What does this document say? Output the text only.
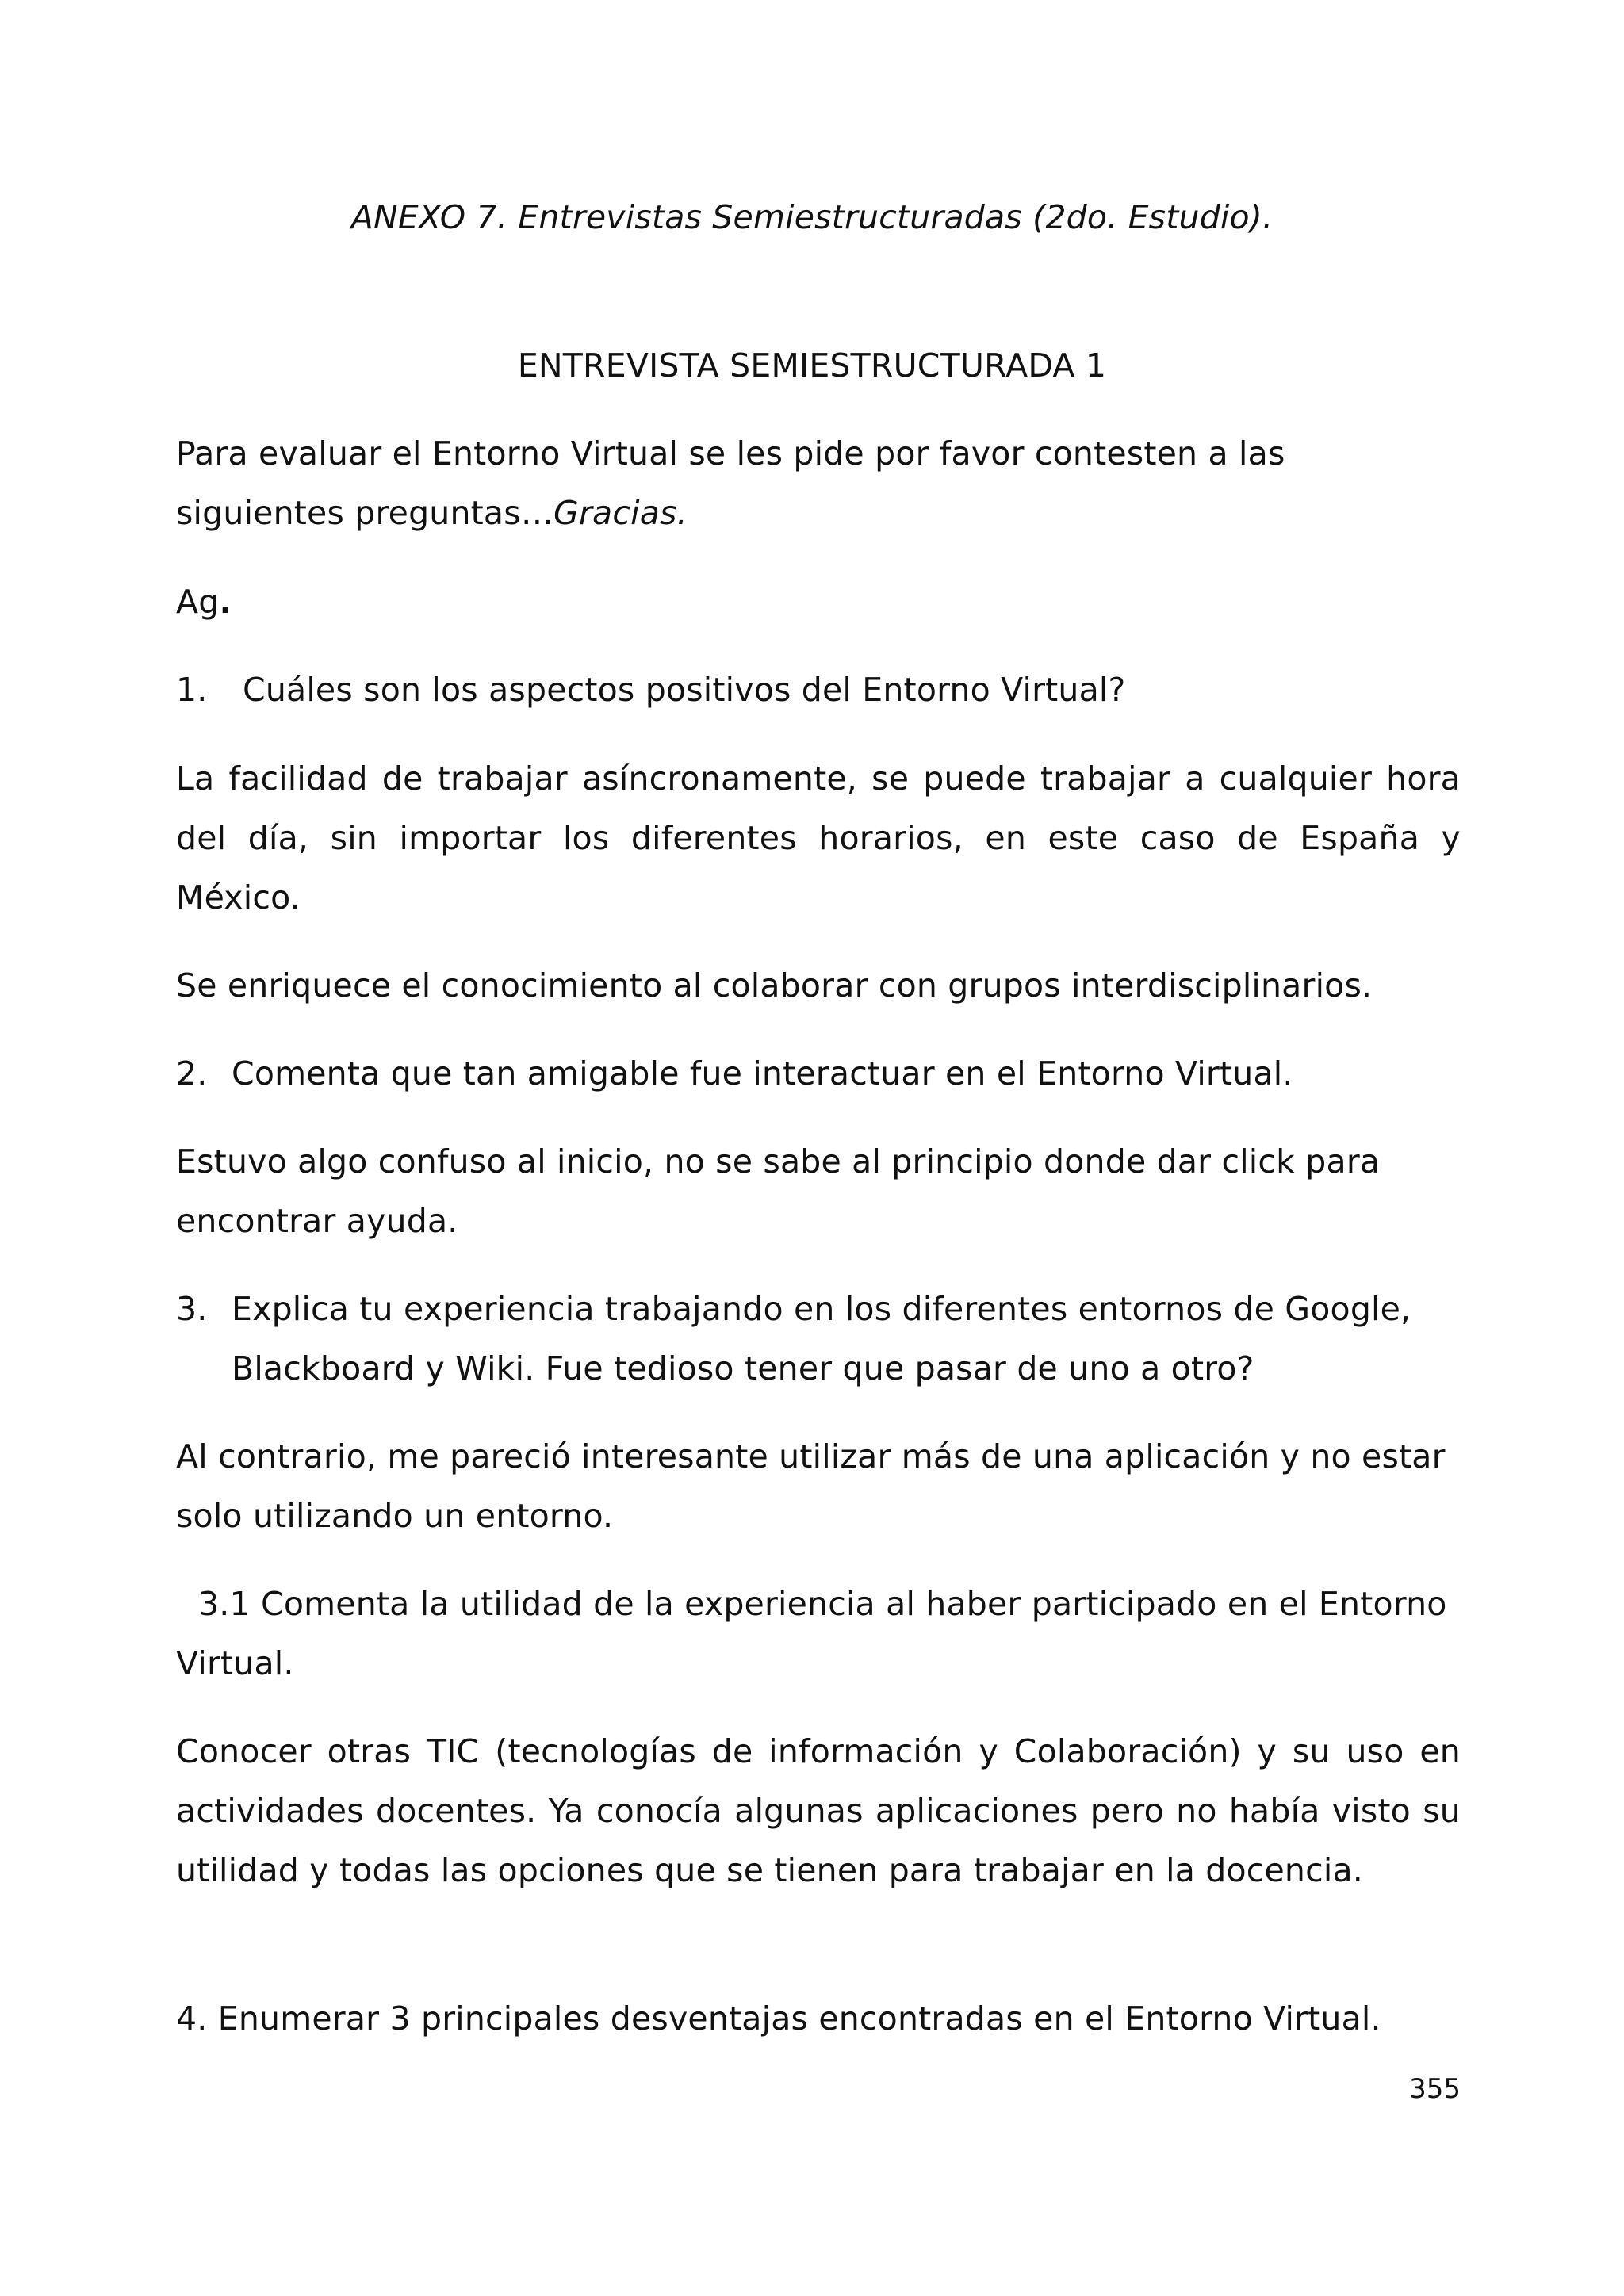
ANEXO 7. Entrevistas Semiestructuradas (2do. Estudio).

ENTREVISTA SEMIESTRUCTURADA 1

Para evaluar el Entorno Virtual se les pide por favor contesten a las

siguientes preguntas…Gracias.

Ag.

1. Cuáles son los aspectos positivos del Entorno Virtual?

La facilidad de trabajar asíncronamente, se puede trabajar a cualquier hora

del día, sin importar los diferentes horarios, en este caso de España y

México.

Se enriquece el conocimiento al colaborar con grupos interdisciplinarios.

2. Comenta que tan amigable fue interactuar en el Entorno Virtual.

Estuvo algo confuso al inicio, no se sabe al principio donde dar click para

encontrar ayuda.

3. Explica tu experiencia trabajando en los diferentes entornos de Google,

Blackboard y Wiki. Fue tedioso tener que pasar de uno a otro?

Al contrario, me pareció interesante utilizar más de una aplicación y no estar

solo utilizando un entorno.

3.1 Comenta la utilidad de la experiencia al haber participado en el Entorno

Virtual.

Conocer otras TIC (tecnologías de información y Colaboración) y su uso en

actividades docentes. Ya conocía algunas aplicaciones pero no había visto su

utilidad y todas las opciones que se tienen para trabajar en la docencia.

4. Enumerar 3 principales desventajas encontradas en el Entorno Virtual.

355
